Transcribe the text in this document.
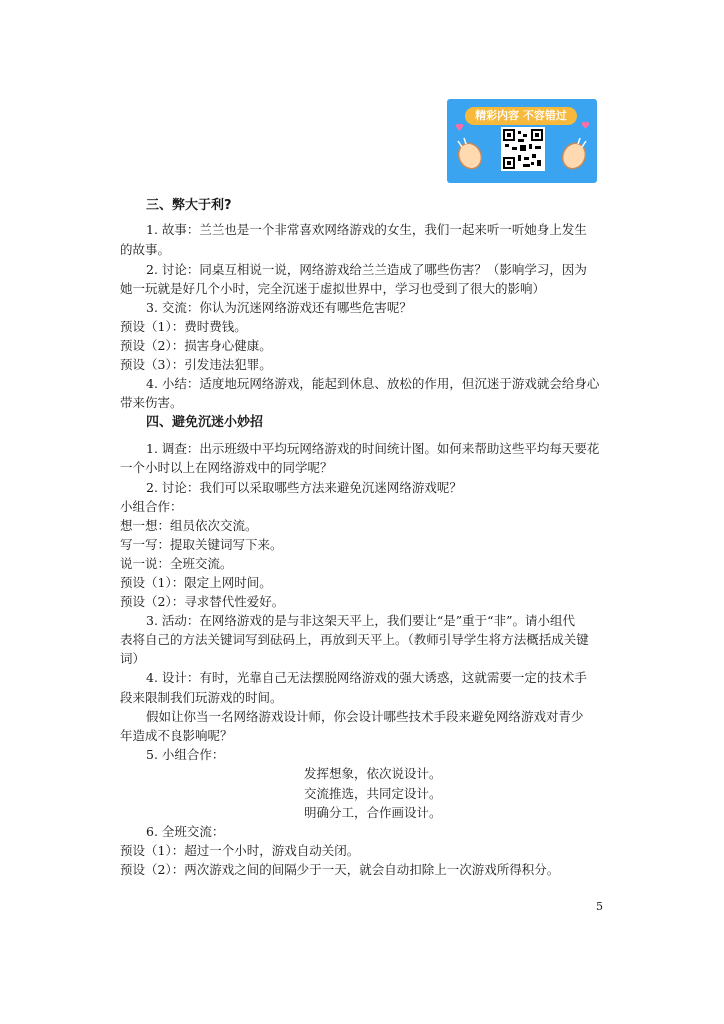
精彩内容 不容错过
♥	♥
三、弊大于利?
1. 故事：兰兰也是一个非常喜欢网络游戏的女生，我们一起来听一听她身上发生
的故事。
2. 讨论：同桌互相说一说，网络游戏给兰兰造成了哪些伤害？（影响学习，因为
她一玩就是好几个小时，完全沉迷于虚拟世界中，学习也受到了很大的影响）
3. 交流：你认为沉迷网络游戏还有哪些危害呢？
预设（1）：费时费钱。
预设（2）：损害身心健康。
预设（3）：引发违法犯罪。
4. 小结：适度地玩网络游戏，能起到休息、放松的作用，但沉迷于游戏就会给身心
带来伤害。
四、避免沉迷小妙招
1. 调查：出示班级中平均玩网络游戏的时间统计图。如何来帮助这些平均每天要花
一个小时以上在网络游戏中的同学呢？
2. 讨论：我们可以采取哪些方法来避免沉迷网络游戏呢？
小组合作：
想一想：组员依次交流。
写一写：提取关键词写下来。
说一说：全班交流。
预设（1）：限定上网时间。
预设（2）：寻求替代性爱好。
3. 活动：在网络游戏的是与非这架天平上，我们要让“是”重于“非”。请小组代
表将自己的方法关键词写到砝码上，再放到天平上。（教师引导学生将方法概括成关键
词）
4. 设计：有时，光靠自己无法摆脱网络游戏的强大诱惑，这就需要一定的技术手
段来限制我们玩游戏的时间。
假如让你当一名网络游戏设计师，你会设计哪些技术手段来避免网络游戏对青少
年造成不良影响呢？
5. 小组合作：
发挥想象，依次说设计。
交流推选，共同定设计。
明确分工，合作画设计。
6. 全班交流：
预设（1）：超过一个小时，游戏自动关闭。
预设（2）：两次游戏之间的间隔少于一天，就会自动扣除上一次游戏所得积分。
5
